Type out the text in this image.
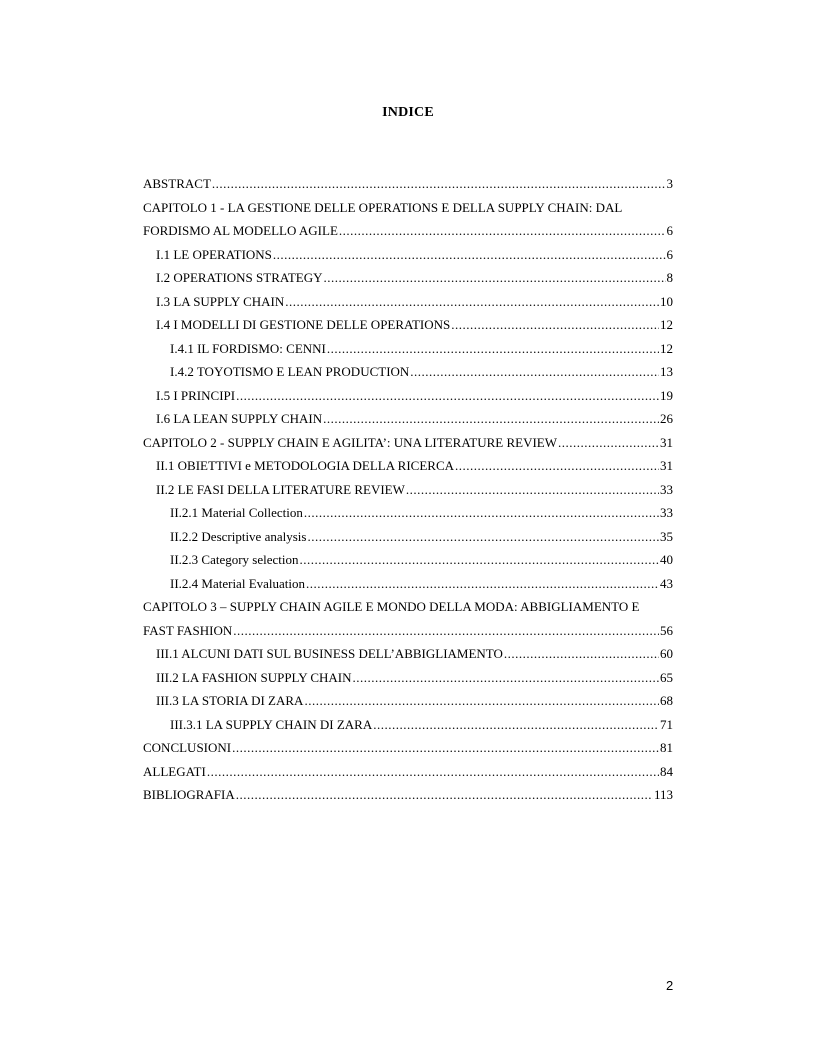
INDICE
ABSTRACT .....	3
CAPITOLO 1 - LA GESTIONE DELLE OPERATIONS E DELLA SUPPLY CHAIN: DAL
FORDISMO AL MODELLO AGILE .....	6
I.1 LE OPERATIONS .....	6
I.2 OPERATIONS STRATEGY .....	8
I.3 LA SUPPLY CHAIN .....	10
I.4 I MODELLI DI GESTIONE DELLE OPERATIONS .....	12
I.4.1 IL FORDISMO: CENNI .....	12
I.4.2 TOYOTISMO E LEAN PRODUCTION .....	13
I.5 I PRINCIPI .....	19
I.6 LA LEAN SUPPLY CHAIN .....	26
CAPITOLO 2 - SUPPLY CHAIN E AGILITA’: UNA LITERATURE REVIEW .....	31
II.1 OBIETTIVI e METODOLOGIA DELLA RICERCA .....	31
II.2 LE FASI DELLA LITERATURE REVIEW .....	33
II.2.1 Material Collection .....	33
II.2.2 Descriptive analysis .....	35
II.2.3 Category selection .....	40
II.2.4 Material Evaluation .....	43
CAPITOLO 3 – SUPPLY CHAIN AGILE E MONDO DELLA MODA: ABBIGLIAMENTO E
FAST FASHION .....	56
III.1 ALCUNI DATI SUL BUSINESS DELL’ABBIGLIAMENTO .....	60
III.2 LA FASHION SUPPLY CHAIN .....	65
III.3 LA STORIA DI ZARA .....	68
III.3.1 LA SUPPLY CHAIN DI ZARA .....	71
CONCLUSIONI .....	81
ALLEGATI .....	84
BIBLIOGRAFIA .....	113
2
